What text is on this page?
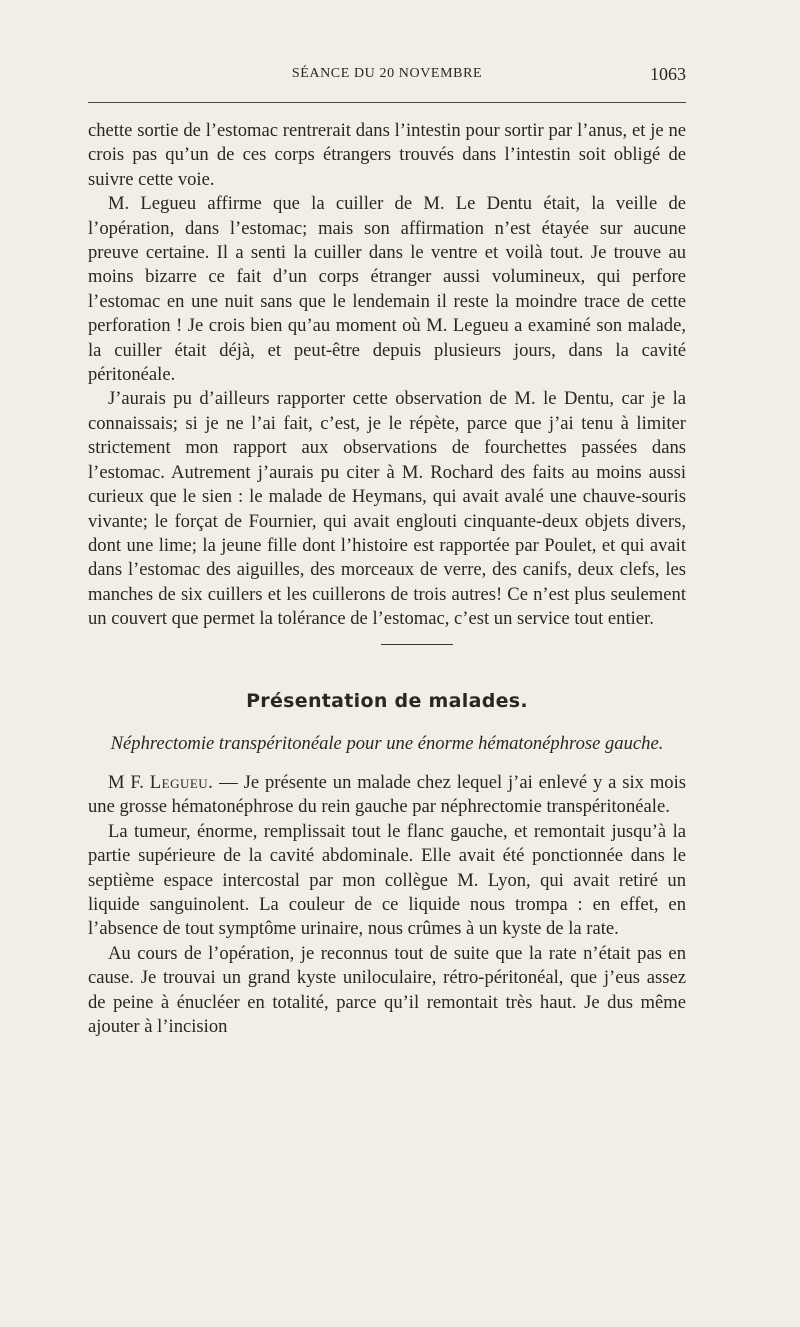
SÉANCE DU 20 NOVEMBRE	1063

chette sortie de l’estomac rentrerait dans l’intestin pour sortir par l’anus, et je ne crois pas qu’un de ces corps étrangers trouvés dans l’intestin soit obligé de suivre cette voie.

M. Legueu affirme que la cuiller de M. Le Dentu était, la veille de l’opération, dans l’estomac; mais son affirmation n’est étayée sur aucune preuve certaine. Il a senti la cuiller dans le ventre et voilà tout. Je trouve au moins bizarre ce fait d’un corps étranger aussi volumineux, qui perfore l’estomac en une nuit sans que le lendemain il reste la moindre trace de cette perforation ! Je crois bien qu’au moment où M. Legueu a examiné son malade, la cuiller était déjà, et peut-être depuis plusieurs jours, dans la cavité péritonéale.

J’aurais pu d’ailleurs rapporter cette observation de M. le Dentu, car je la connaissais; si je ne l’ai fait, c’est, je le répète, parce que j’ai tenu à limiter strictement mon rapport aux observations de fourchettes passées dans l’estomac. Autrement j’aurais pu citer à M. Rochard des faits au moins aussi curieux que le sien : le malade de Heymans, qui avait avalé une chauve-souris vivante; le forçat de Fournier, qui avait englouti cinquante-deux objets divers, dont une lime; la jeune fille dont l’histoire est rapportée par Poulet, et qui avait dans l’estomac des aiguilles, des morceaux de verre, des canifs, deux clefs, les manches de six cuillers et les cuillerons de trois autres! Ce n’est plus seulement un couvert que permet la tolérance de l’estomac, c’est un service tout entier.

Présentation de malades.
Néphrectomie transpéritonéale pour une énorme hématonéphrose gauche.

M F. Legueu. — Je présente un malade chez lequel j’ai enlevé y a six mois une grosse hématonéphrose du rein gauche par néphrectomie transpéritonéale.

La tumeur, énorme, remplissait tout le flanc gauche, et remontait jusqu’à la partie supérieure de la cavité abdominale. Elle avait été ponctionnée dans le septième espace intercostal par mon collègue M. Lyon, qui avait retiré un liquide sanguinolent. La couleur de ce liquide nous trompa : en effet, en l’absence de tout symptôme urinaire, nous crûmes à un kyste de la rate.

Au cours de l’opération, je reconnus tout de suite que la rate n’était pas en cause. Je trouvai un grand kyste uniloculaire, rétro-péritonéal, que j’eus assez de peine à énucléer en totalité, parce qu’il remontait très haut. Je dus même ajouter à l’incision
